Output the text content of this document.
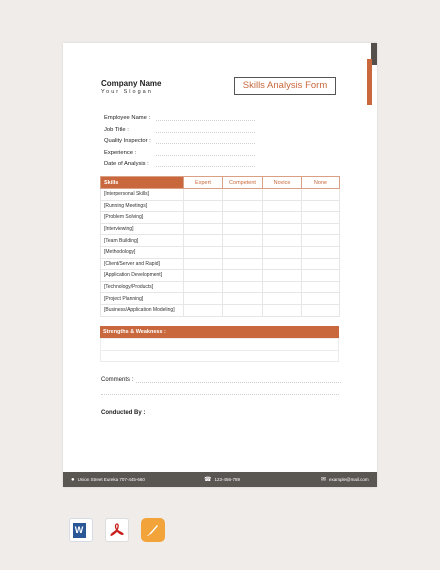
Company Name
Your Slogan
Skills Analysis Form
Employee Name :
Job Title :
Quality Inspector :
Experience :
Date of Analysis :
Skills	Expert	Competent	Novice	None
[Interpersonal Skills]				
[Running Meetings]				
[Problem Solving]				
[Interviewing]				
[Team Building]				
[Methodology]				
[Client/Server and Rapid]				
[Application Development]				
[Technology/Products]				
[Project Planning]				
[Business/Application Modeling]				
Strengths & Weakness :
Comments :
Conducted By :
● Union Street Eureka 707-445-660	☎ 123-456-789	✉ example@mail.com
W
